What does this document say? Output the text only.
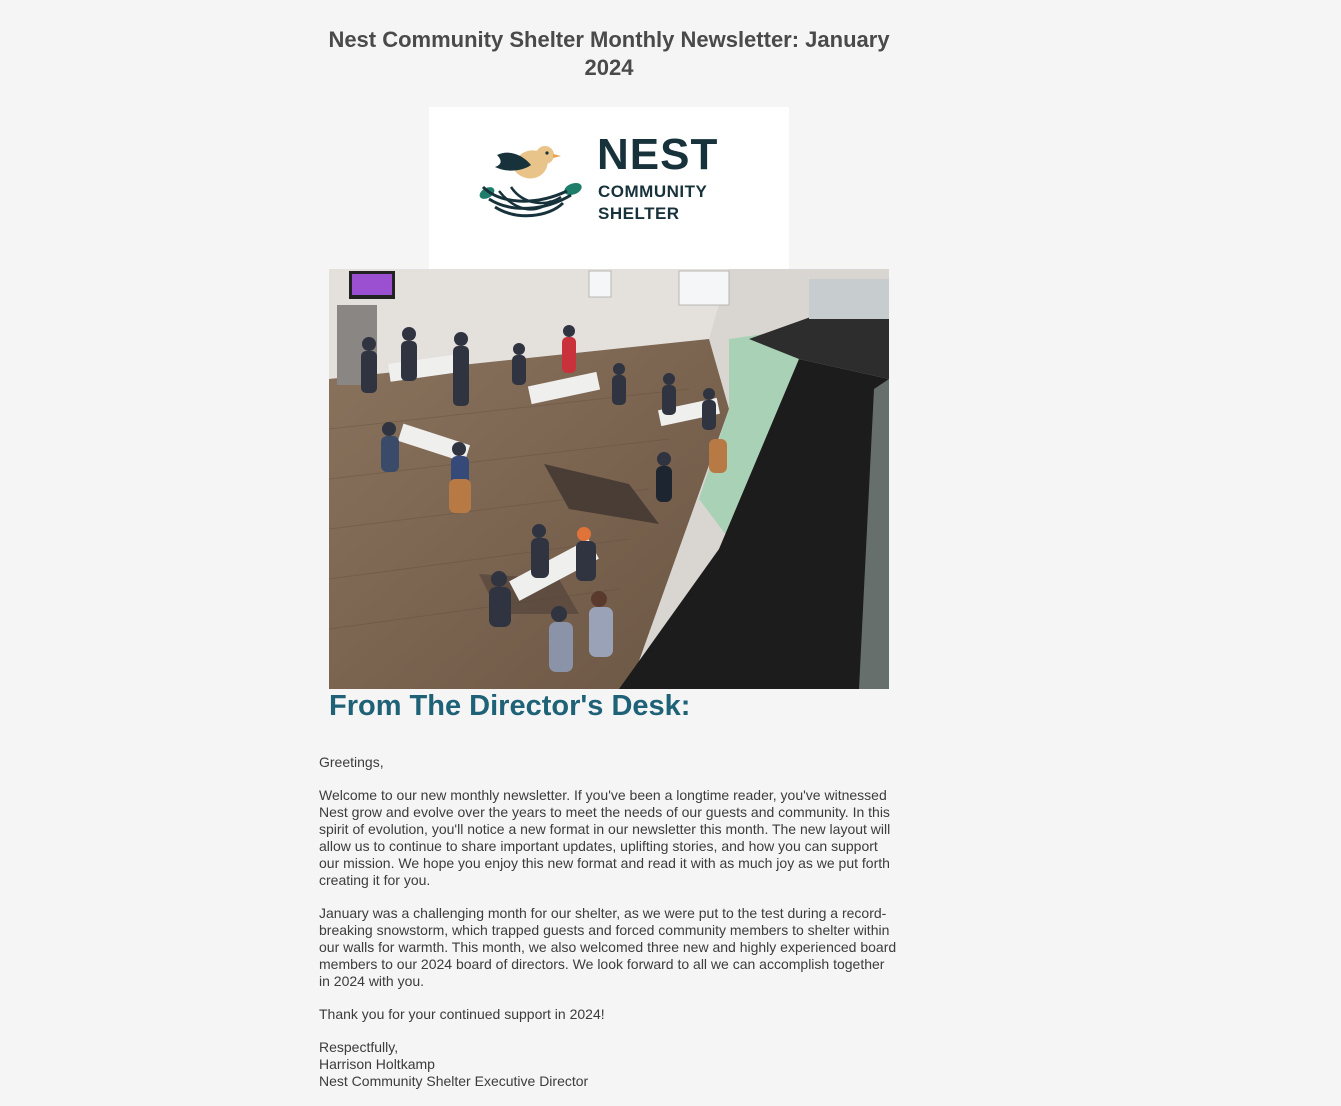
Nest Community Shelter Monthly Newsletter: January 2024
NEST
COMMUNITY
SHELTER
From The Director's Desk:

Greetings,

Welcome to our new monthly newsletter. If you've been a longtime reader, you've witnessed Nest grow and evolve over the years to meet the needs of our guests and community. In this spirit of evolution, you'll notice a new format in our newsletter this month. The new layout will allow us to continue to share important updates, uplifting stories, and how you can support our mission. We hope you enjoy this new format and read it with as much joy as we put forth creating it for you.

January was a challenging month for our shelter, as we were put to the test during a record-breaking snowstorm, which trapped guests and forced community members to shelter within our walls for warmth. This month, we also welcomed three new and highly experienced board members to our 2024 board of directors. We look forward to all we can accomplish together in 2024 with you.

Thank you for your continued support in 2024!

Respectfully,

Harrison Holtkamp

Nest Community Shelter Executive Director
